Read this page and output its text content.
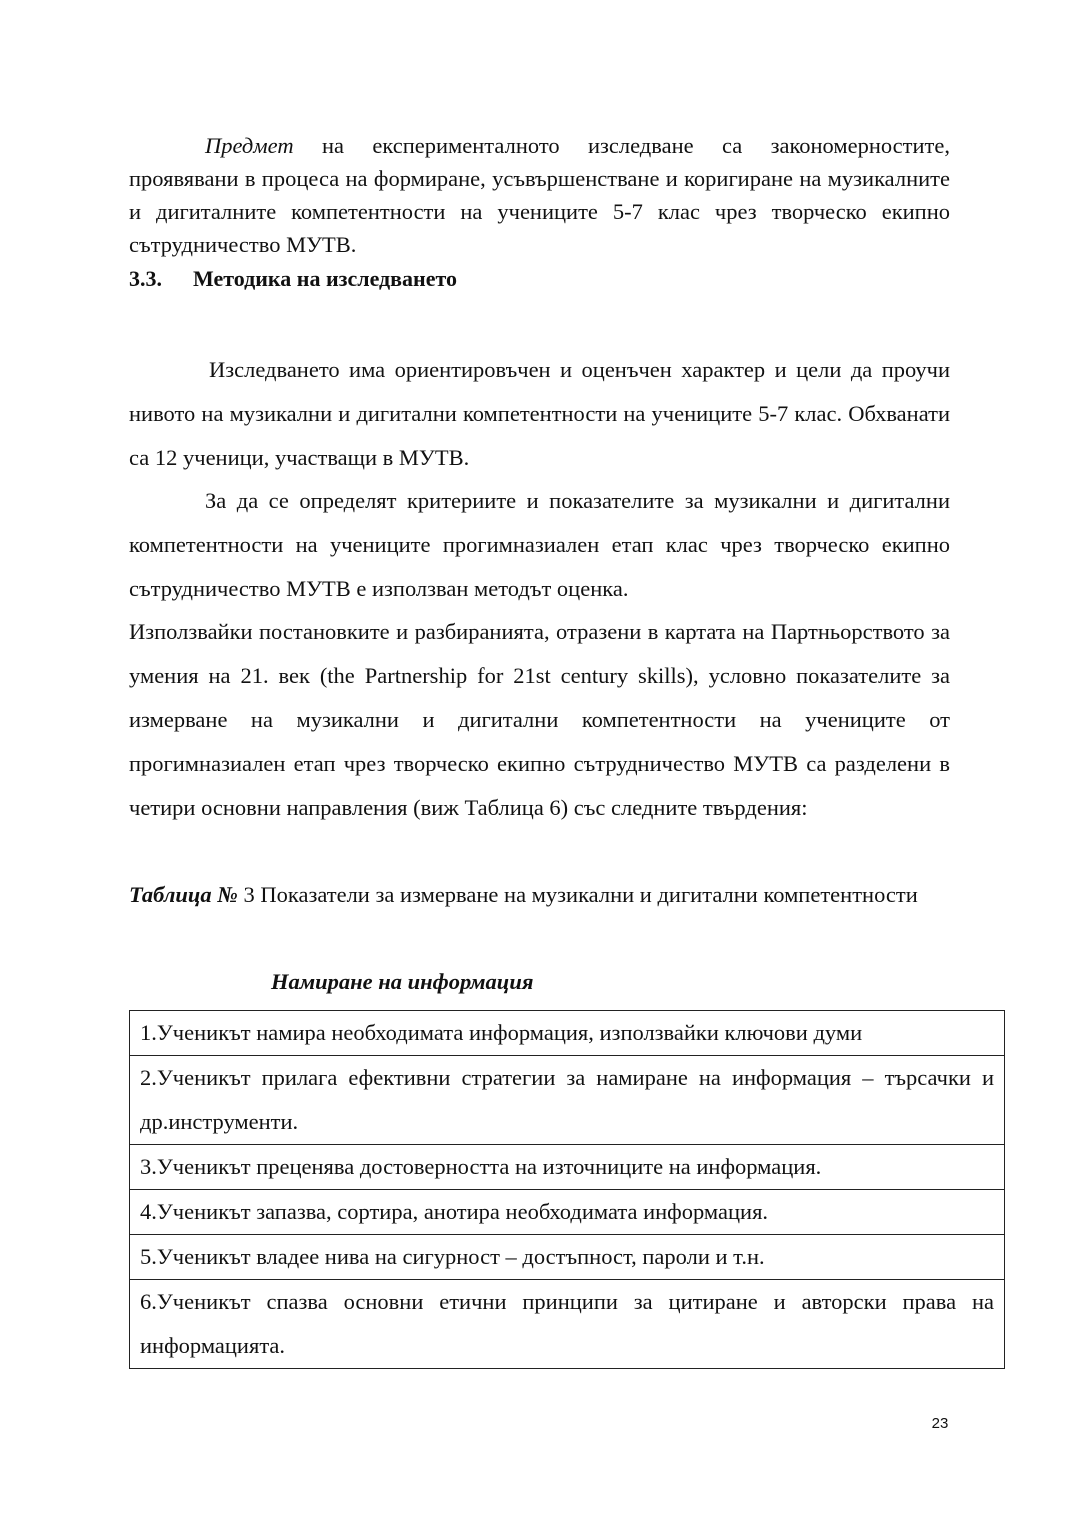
Предмет на експерименталното изследване са закономерностите, проявявани в процеса на формиране, усъвършенстване и коригиране на музикалните и дигиталните компетентности на учениците 5-7 клас чрез творческо екипно сътрудничество МУТВ.

3.3. Методика на изследването

Изследването има ориентировъчен и оценъчен характер и цели да проучи нивото на музикални и дигитални компетентности на учениците 5-7 клас. Обхванати са 12 ученици, участващи в МУТВ.

За да се определят критериите и показателите за музикални и дигитални компетентности на учениците прогимназиален етап клас чрез творческо екипно сътрудничество МУТВ е използван методът оценка.

Използвайки постановките и разбиранията, отразени в картата на Партньорството за умения на 21. век (the Partnership for 21st century skills), условно показателите за измерване на музикални и дигитални компетентности на учениците от прогимназиален етап чрез творческо екипно сътрудничество МУТВ са разделени в четири основни направления (виж Таблица 6) със следните твърдения:

Таблица № 3 Показатели за измерване на музикални и дигитални компетентности

Намиране на информация

1.Ученикът намира необходимата информация, използвайки ключови думи
2.Ученикът прилага ефективни стратегии за намиране на информация – търсачки и др.инструменти.
3.Ученикът преценява достоверността на източниците на информация.
4.Ученикът запазва, сортира, анотира необходимата информация.
5.Ученикът владее нива на сигурност – достъпност, пароли и т.н.
6.Ученикът спазва основни етични принципи за цитиране и авторски права на информацията.
23
